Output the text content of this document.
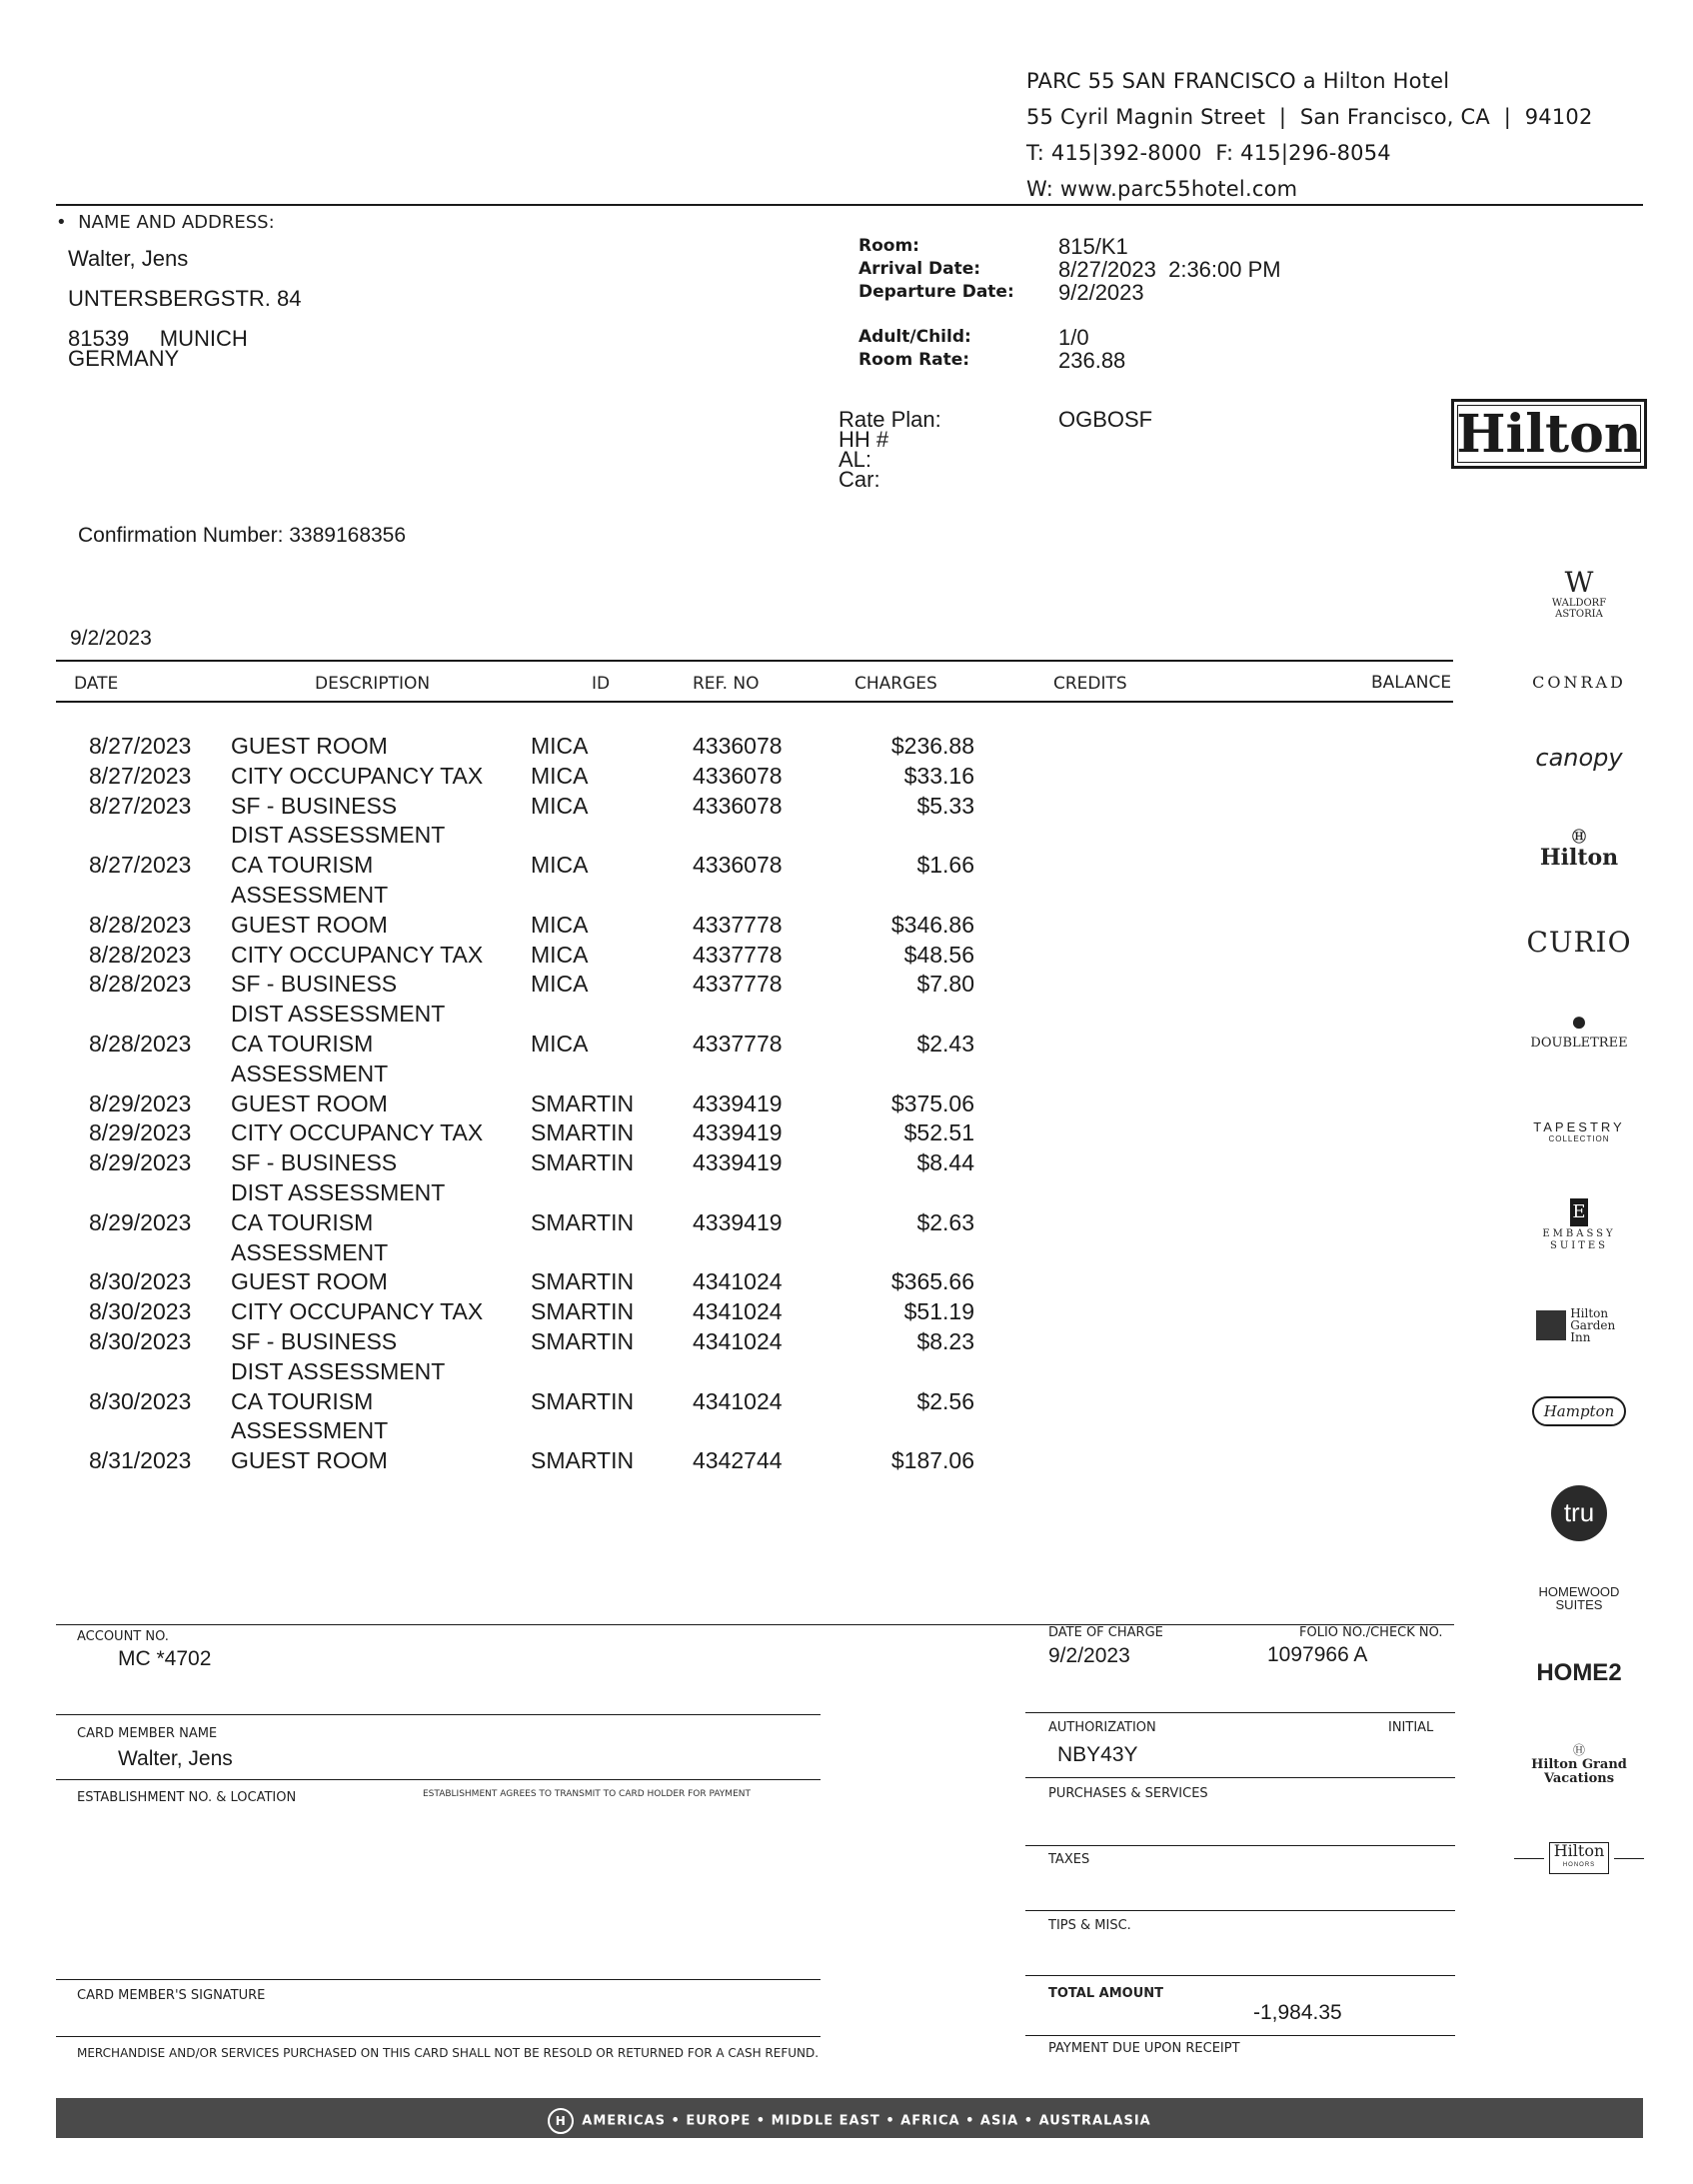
PARC 55 SAN FRANCISCO a Hilton Hotel
55 Cyril Magnin Street  |  San Francisco, CA  |  94102
T: 415|392-8000 F: 415|296-8054
W: www.parc55hotel.com
•  NAME AND ADDRESS:
Walter, Jens
UNTERSBERGSTR. 84
81539 MUNICH
GERMANY
Room:	815/K1
Arrival Date:	8/27/2023  2:36:00 PM
Departure Date: 9/2/2023
Adult/Child:	1/0
Room Rate:	236.88
Rate Plan:	OGBOSF
HH #
AL:
Car:
Hilton
Confirmation Number: 3389168356
9/2/2023
DATE	DESCRIPTION	ID	REF. NO	CHARGES	CREDITS	BALANCE
8/27/2023 GUEST ROOM	MICA	4336078	$236.88
8/27/2023 CITY OCCUPANCY TAX MICA	4336078	$33.16
8/27/2023 SF - BUSINESS	MICA	4336078	$5.33
DIST ASSESSMENT
8/27/2023 CA TOURISM	MICA	4336078	$1.66
ASSESSMENT
8/28/2023 GUEST ROOM	MICA	4337778	$346.86
8/28/2023 CITY OCCUPANCY TAX MICA	4337778	$48.56
8/28/2023 SF - BUSINESS	MICA	4337778	$7.80
DIST ASSESSMENT
8/28/2023 CA TOURISM	MICA	4337778	$2.43
ASSESSMENT
8/29/2023 GUEST ROOM	SMARTIN	4339419	$375.06
8/29/2023 CITY OCCUPANCY TAX SMARTIN	4339419	$52.51
8/29/2023 SF - BUSINESS	SMARTIN	4339419	$8.44
DIST ASSESSMENT
8/29/2023 CA TOURISM	SMARTIN	4339419	$2.63
ASSESSMENT
8/30/2023 GUEST ROOM	SMARTIN	4341024	$365.66
8/30/2023 CITY OCCUPANCY TAX SMARTIN	4341024	$51.19
8/30/2023 SF - BUSINESS	SMARTIN	4341024	$8.23
DIST ASSESSMENT
8/30/2023 CA TOURISM	SMARTIN	4341024	$2.56
ASSESSMENT
8/31/2023 GUEST ROOM	SMARTIN	4342744	$187.06
ACCOUNT NO.
MC *4702
DATE OF CHARGE
9/2/2023
FOLIO NO./CHECK NO.
1097966 A
CARD MEMBER NAME
Walter, Jens
AUTHORIZATION	INITIAL
NBY43Y
ESTABLISHMENT NO. & LOCATION	ESTABLISHMENT AGREES TO TRANSMIT TO CARD HOLDER FOR PAYMENT	PURCHASES & SERVICES
TAXES
TIPS & MISC.
CARD MEMBER'S SIGNATURE	TOTAL AMOUNT
-1,984.35
MERCHANDISE AND/OR SERVICES PURCHASED ON THIS CARD SHALL NOT BE RESOLD OR RETURNED FOR A CASH REFUND.	PAYMENT DUE UPON RECEIPT
W
WALDORF ASTORIA
CONRAD
canopy
Ⓗ
Hilton
CURIO
●
DOUBLETREE
TAPESTRY
COLLECTION
E
EMBASSY SUITES
Hilton Garden Inn
Hampton
tru
HOMEWOOD SUITES
HOME2
Ⓗ
Hilton Grand Vacations

Hilton
HONORS

H AMERICAS • EUROPE • MIDDLE EAST • AFRICA • ASIA • AUSTRALASIA
